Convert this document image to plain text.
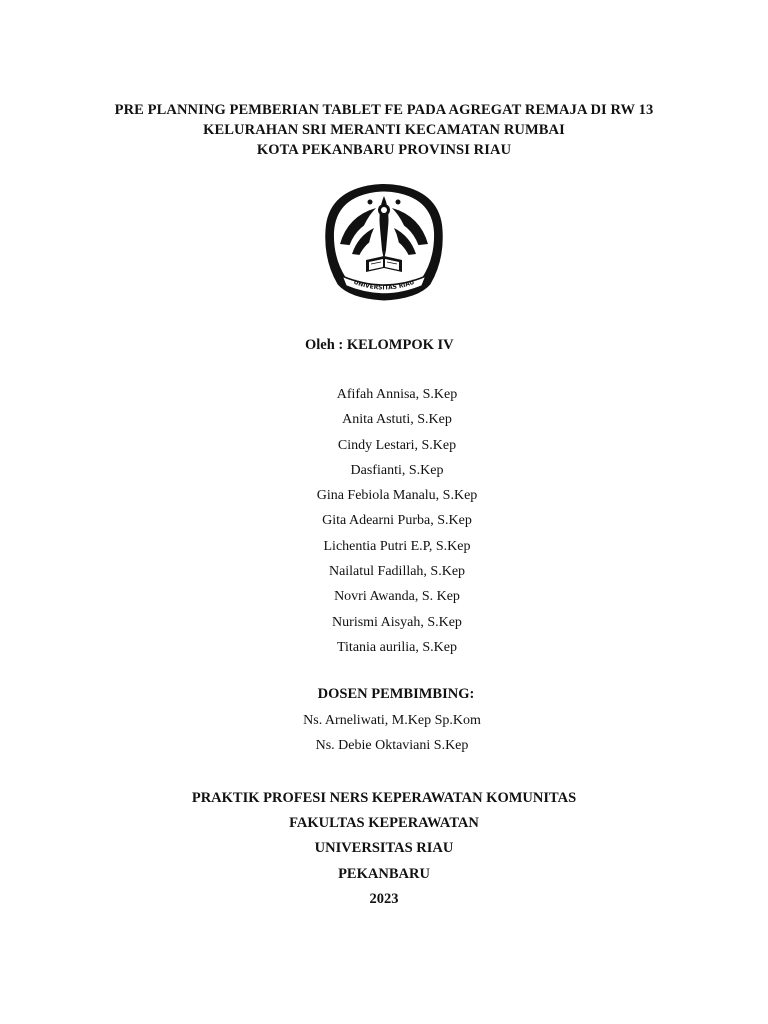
PRE PLANNING PEMBERIAN TABLET FE PADA AGREGAT REMAJA DI RW 13
KELURAHAN SRI MERANTI KECAMATAN RUMBAI
KOTA PEKANBARU PROVINSI RIAU
UNIVERSITAS RIAU
Oleh : KELOMPOK IV
Afifah Annisa, S.Kep
Anita Astuti, S.Kep
Cindy Lestari, S.Kep
Dasfianti, S.Kep
Gina Febiola Manalu, S.Kep
Gita Adearni Purba, S.Kep
Lichentia Putri E.P, S.Kep
Nailatul Fadillah, S.Kep
Novri Awanda, S. Kep
Nurismi Aisyah, S.Kep
Titania aurilia, S.Kep
DOSEN PEMBIMBING:
Ns. Arneliwati, M.Kep Sp.Kom
Ns. Debie Oktaviani S.Kep
PRAKTIK PROFESI NERS KEPERAWATAN KOMUNITAS
FAKULTAS KEPERAWATAN
UNIVERSITAS RIAU
PEKANBARU
2023
